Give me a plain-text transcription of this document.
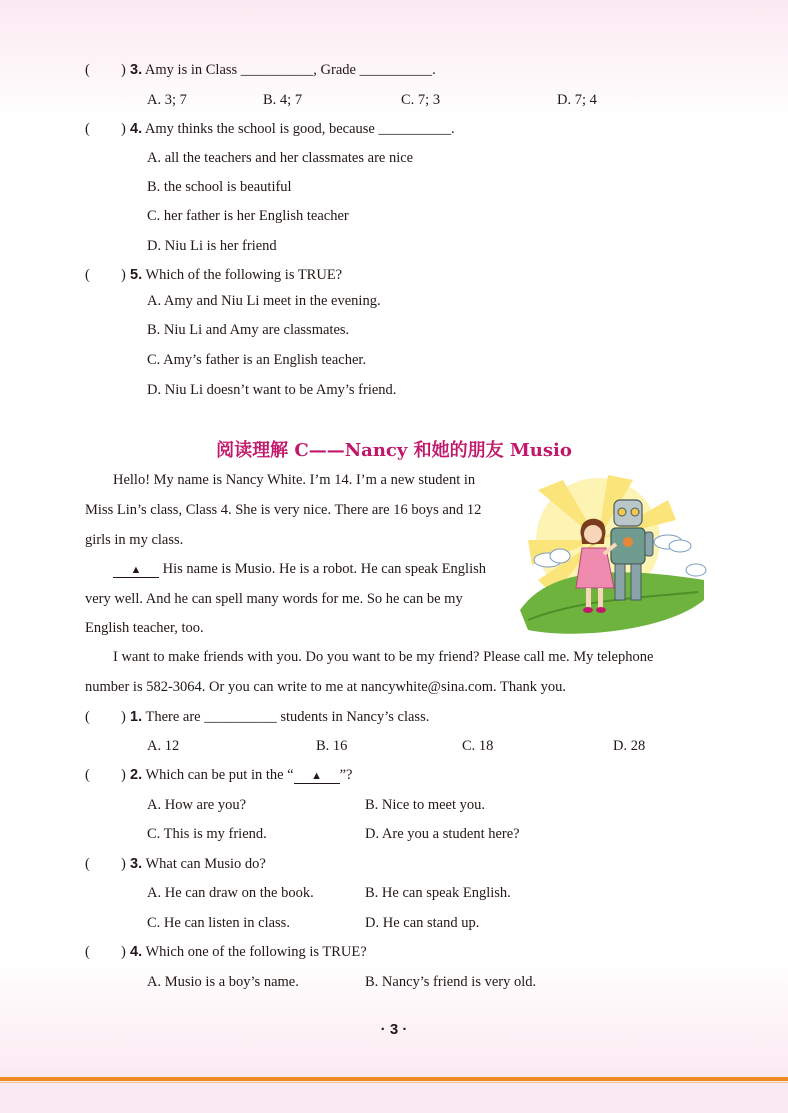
( ) 3. Amy is in Class __________, Grade __________.
A. 3; 7	B. 4; 7	C. 7; 3	D. 7; 4
( ) 4. Amy thinks the school is good, because __________.
A. all the teachers and her classmates are nice
B. the school is beautiful
C. her father is her English teacher
D. Niu Li is her friend
( ) 5. Which of the following is TRUE?
A. Amy and Niu Li meet in the evening.
B. Niu Li and Amy are classmates.
C. Amy’s father is an English teacher.
D. Niu Li doesn’t want to be Amy’s friend.
阅读理解 C——Nancy 和她的朋友 Musio
Hello! My name is Nancy White. I’m 14. I’m a new student in
Miss Lin’s class, Class 4. She is very nice. There are 16 boys and 12
girls in my class.
▲ His name is Musio. He is a robot. He can speak English
very well. And he can spell many words for me. So he can be my
English teacher, too.
I want to make friends with you. Do you want to be my friend? Please call me. My telephone
number is 582-3064. Or you can write to me at nancywhite@sina.com. Thank you.
( ) 1. There are __________ students in Nancy’s class.
A. 12	B. 16	C. 18	D. 28
( ) 2. Which can be put in the “ ▲ ”?
A. How are you?	B. Nice to meet you.
C. This is my friend.	D. Are you a student here?
( ) 3. What can Musio do?
A. He can draw on the book.	B. He can speak English.
C. He can listen in class.	D. He can stand up.
( ) 4. Which one of the following is TRUE?
A. Musio is a boy’s name.	B. Nancy’s friend is very old.
· 3 ·
